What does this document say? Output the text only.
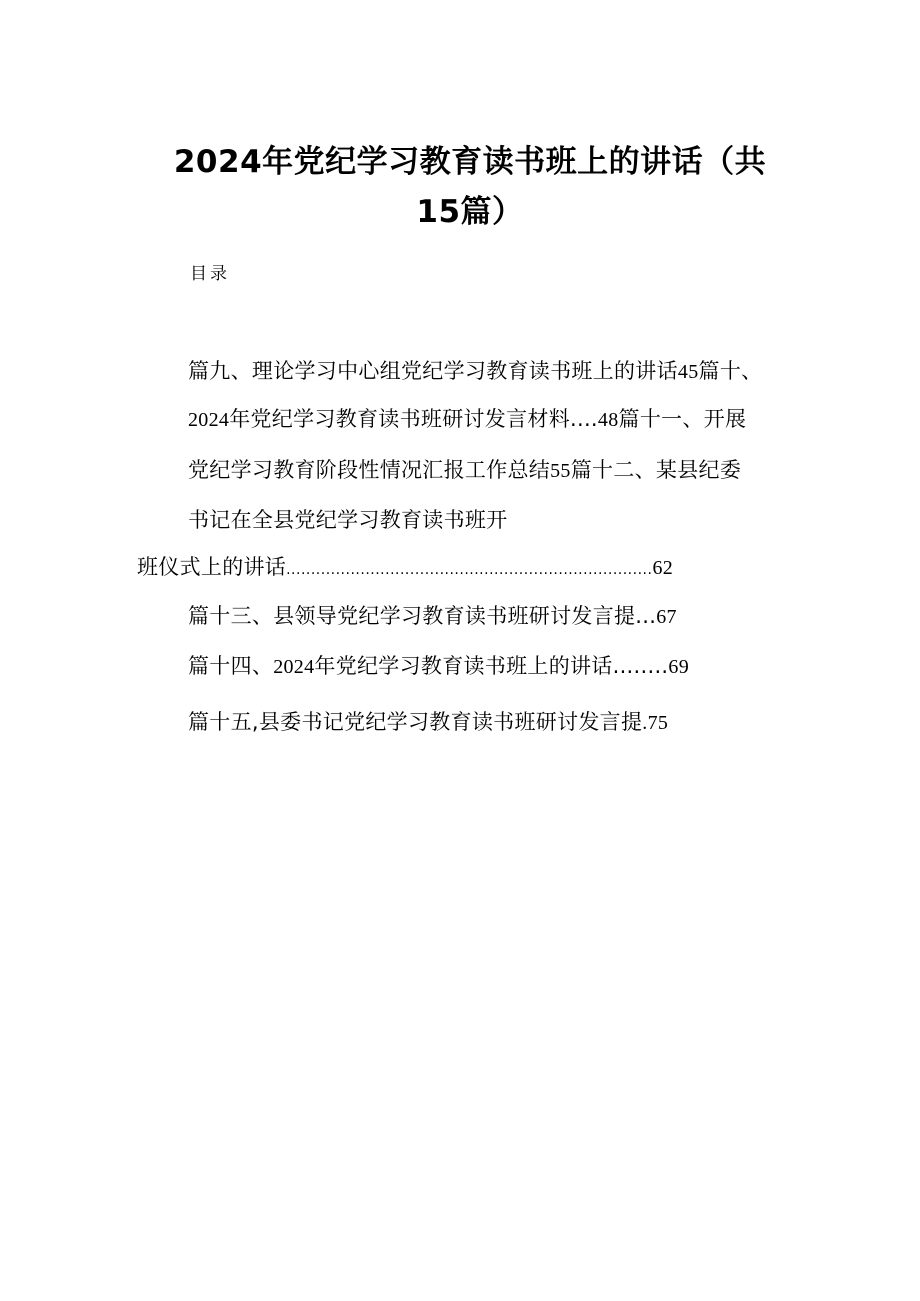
2024年党纪学习教育读书班上的讲话（共
15篇）
目录
篇九、理论学习中心组党纪学习教育读书班上的讲话45篇十、
2024年党纪学习教育读书班研讨发言材料....48篇十一、开展
党纪学习教育阶段性情况汇报工作总结55篇十二、某县纪委
书记在全县党纪学习教育读书班开
班仪式上的讲话..........................................................................62
篇十三、县领导党纪学习教育读书班研讨发言提...67
篇十四、2024年党纪学习教育读书班上的讲话........69
篇十五,县委书记党纪学习教育读书班研讨发言提.75
